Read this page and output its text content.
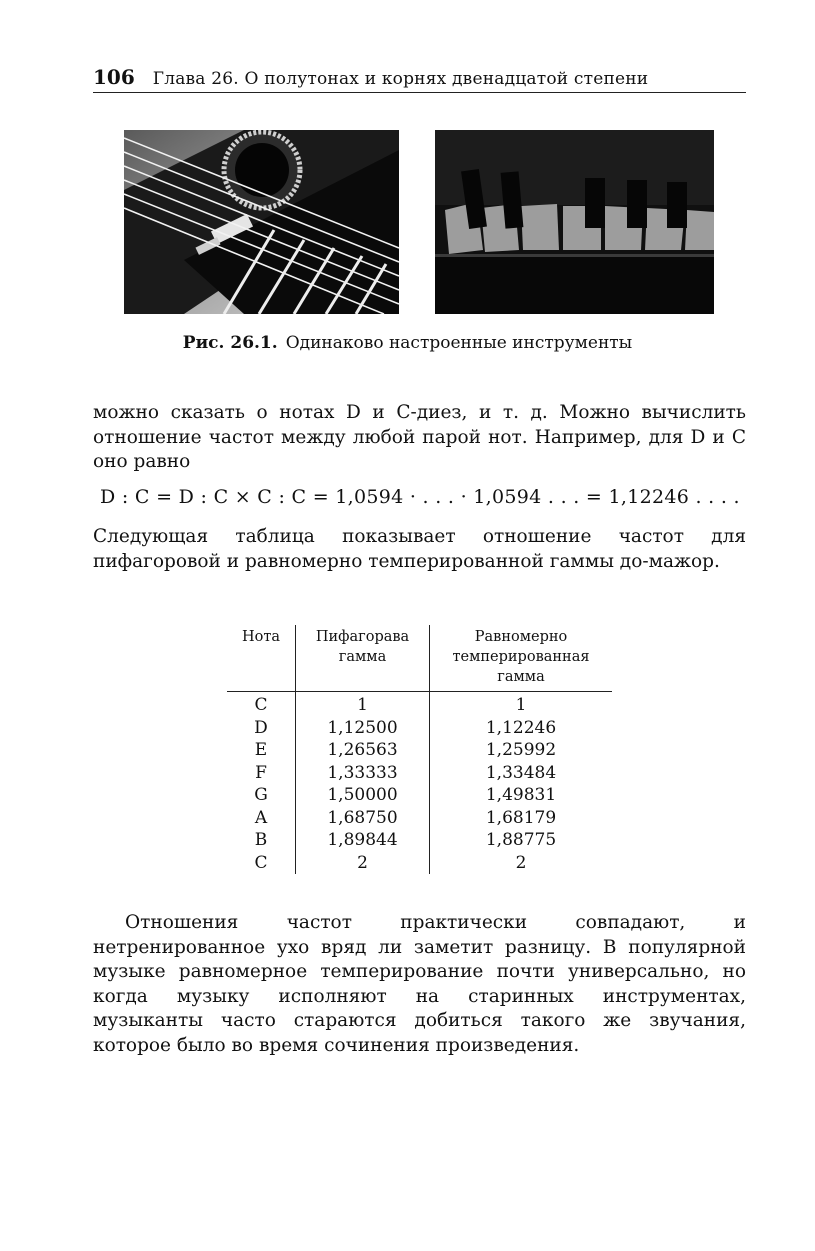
106 Глава 26. О полутонах и корнях двенадцатой степени
Рис. 26.1. Одинаково настроенные инструменты
можно сказать о нотах D и C-диез, и т. д. Можно вычислить отношение частот между любой парой нот. Например, для D и C оно равно
D : C = D : C × C : C = 1,0594 · . . . · 1,0594 . . . = 1,12246 . . . .
Следующая таблица показывает отношение частот для пифагоровой и равномерно темперированной гаммы до-мажор.
Нота	Пифагорава гамма	Равномерно темперированная гамма
C	1	1
D	1,12500	1,12246
E	1,26563	1,25992
F	1,33333	1,33484
G	1,50000	1,49831
A	1,68750	1,68179
B	1,89844	1,88775
C	2	2
Отношения частот практически совпадают, и нетренированное ухо вряд ли заметит разницу. В популярной музыке равномерное темперирование почти универсально, но когда музыку исполняют на старинных инструментах, музыканты часто стараются добиться такого же звучания, которое было во время сочинения произведения.
